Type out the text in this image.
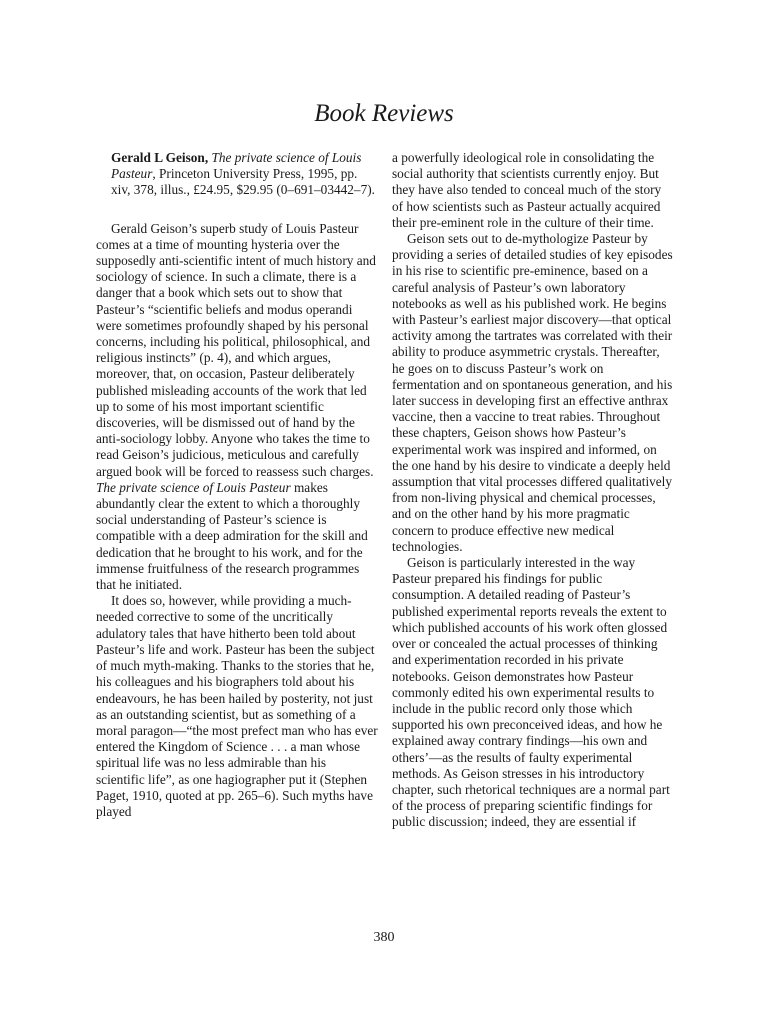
Book Reviews

Gerald L Geison, The private science of Louis Pasteur, Princeton University Press, 1995, pp. xiv, 378, illus., £24.95, $29.95 (0–691–03442–7).

Gerald Geison’s superb study of Louis Pasteur comes at a time of mounting hysteria over the supposedly anti-scientific intent of much history and sociology of science. In such a climate, there is a danger that a book which sets out to show that Pasteur’s “scientific beliefs and modus operandi were sometimes profoundly shaped by his personal concerns, including his political, philosophical, and religious instincts” (p. 4), and which argues, moreover, that, on occasion, Pasteur deliberately published misleading accounts of the work that led up to some of his most important scientific discoveries, will be dismissed out of hand by the anti-sociology lobby. Anyone who takes the time to read Geison’s judicious, meticulous and carefully argued book will be forced to reassess such charges. The private science of Louis Pasteur makes abundantly clear the extent to which a thoroughly social understanding of Pasteur’s science is compatible with a deep admiration for the skill and dedication that he brought to his work, and for the immense fruitfulness of the research programmes that he initiated.

It does so, however, while providing a much-needed corrective to some of the uncritically adulatory tales that have hitherto been told about Pasteur’s life and work. Pasteur has been the subject of much myth-making. Thanks to the stories that he, his colleagues and his biographers told about his endeavours, he has been hailed by posterity, not just as an outstanding scientist, but as something of a moral paragon—“the most prefect man who has ever entered the Kingdom of Science . . . a man whose spiritual life was no less admirable than his scientific life”, as one hagiographer put it (Stephen Paget, 1910, quoted at pp. 265–6). Such myths have played

a powerfully ideological role in consolidating the social authority that scientists currently enjoy. But they have also tended to conceal much of the story of how scientists such as Pasteur actually acquired their pre-eminent role in the culture of their time.

Geison sets out to de-mythologize Pasteur by providing a series of detailed studies of key episodes in his rise to scientific pre-eminence, based on a careful analysis of Pasteur’s own laboratory notebooks as well as his published work. He begins with Pasteur’s earliest major discovery—that optical activity among the tartrates was correlated with their ability to produce asymmetric crystals. Thereafter, he goes on to discuss Pasteur’s work on fermentation and on spontaneous generation, and his later success in developing first an effective anthrax vaccine, then a vaccine to treat rabies. Throughout these chapters, Geison shows how Pasteur’s experimental work was inspired and informed, on the one hand by his desire to vindicate a deeply held assumption that vital processes differed qualitatively from non-living physical and chemical processes, and on the other hand by his more pragmatic concern to produce effective new medical technologies.

Geison is particularly interested in the way Pasteur prepared his findings for public consumption. A detailed reading of Pasteur’s published experimental reports reveals the extent to which published accounts of his work often glossed over or concealed the actual processes of thinking and experimentation recorded in his private notebooks. Geison demonstrates how Pasteur commonly edited his own experimental results to include in the public record only those which supported his own preconceived ideas, and how he explained away contrary findings—his own and others’—as the results of faulty experimental methods. As Geison stresses in his introductory chapter, such rhetorical techniques are a normal part of the process of preparing scientific findings for public discussion; indeed, they are essential if

380
